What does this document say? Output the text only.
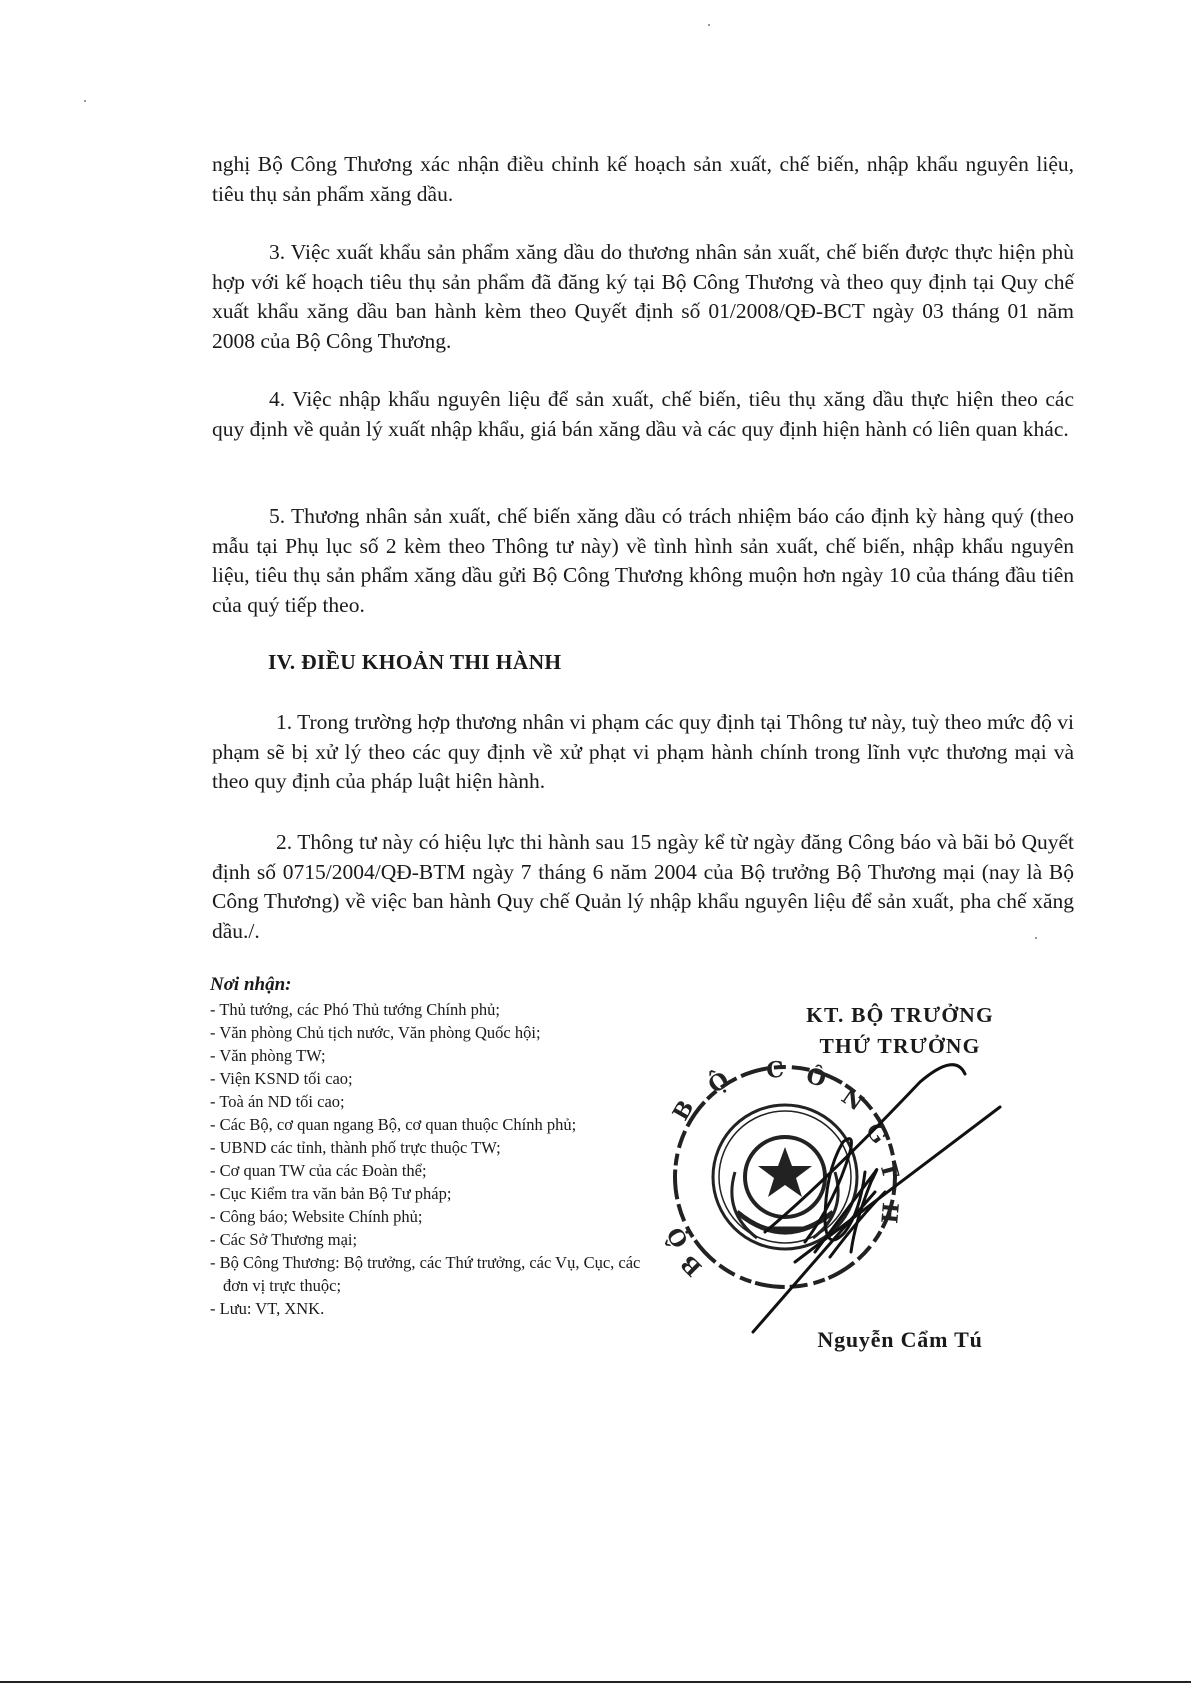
nghị Bộ Công Thương xác nhận điều chỉnh kế hoạch sản xuất, chế biến, nhập khẩu nguyên liệu, tiêu thụ sản phẩm xăng dầu.

3. Việc xuất khẩu sản phẩm xăng dầu do thương nhân sản xuất, chế biến được thực hiện phù hợp với kế hoạch tiêu thụ sản phẩm đã đăng ký tại Bộ Công Thương và theo quy định tại Quy chế xuất khẩu xăng dầu ban hành kèm theo Quyết định số 01/2008/QĐ-BCT ngày 03 tháng 01 năm 2008 của Bộ Công Thương.

4. Việc nhập khẩu nguyên liệu để sản xuất, chế biến, tiêu thụ xăng dầu thực hiện theo các quy định về quản lý xuất nhập khẩu, giá bán xăng dầu và các quy định hiện hành có liên quan khác.

5. Thương nhân sản xuất, chế biến xăng dầu có trách nhiệm báo cáo định kỳ hàng quý (theo mẫu tại Phụ lục số 2 kèm theo Thông tư này) về tình hình sản xuất, chế biến, nhập khẩu nguyên liệu, tiêu thụ sản phẩm xăng dầu gửi Bộ Công Thương không muộn hơn ngày 10 của tháng đầu tiên của quý tiếp theo.

IV. ĐIỀU KHOẢN THI HÀNH

1. Trong trường hợp thương nhân vi phạm các quy định tại Thông tư này, tuỳ theo mức độ vi phạm sẽ bị xử lý theo các quy định về xử phạt vi phạm hành chính trong lĩnh vực thương mại và theo quy định của pháp luật hiện hành.

2. Thông tư này có hiệu lực thi hành sau 15 ngày kể từ ngày đăng Công báo và bãi bỏ Quyết định số 0715/2004/QĐ-BTM ngày 7 tháng 6 năm 2004 của Bộ trưởng Bộ Thương mại (nay là Bộ Công Thương) về việc ban hành Quy chế Quản lý nhập khẩu nguyên liệu để sản xuất, pha chế xăng dầu./.

Nơi nhận:
- Thủ tướng, các Phó Thủ tướng Chính phủ;
- Văn phòng Chủ tịch nước, Văn phòng Quốc hội;
- Văn phòng TW;
- Viện KSND tối cao;
- Toà án ND tối cao;
- Các Bộ, cơ quan ngang Bộ, cơ quan thuộc Chính phủ;
- UBND các tỉnh, thành phố trực thuộc TW;
- Cơ quan TW của các Đoàn thể;
- Cục Kiểm tra văn bản Bộ Tư pháp;
- Công báo; Website Chính phủ;
- Các Sở Thương mại;
- Bộ Công Thương: Bộ trưởng, các Thứ trưởng, các Vụ, Cục, các đơn vị trực thuộc;
- Lưu: VT, XNK.
KT. BỘ TRƯỞNG
THỨ TRƯỞNG
B
Ộ C Ô
N
G
T
H
Ộ
B
Nguyễn Cẩm Tú
